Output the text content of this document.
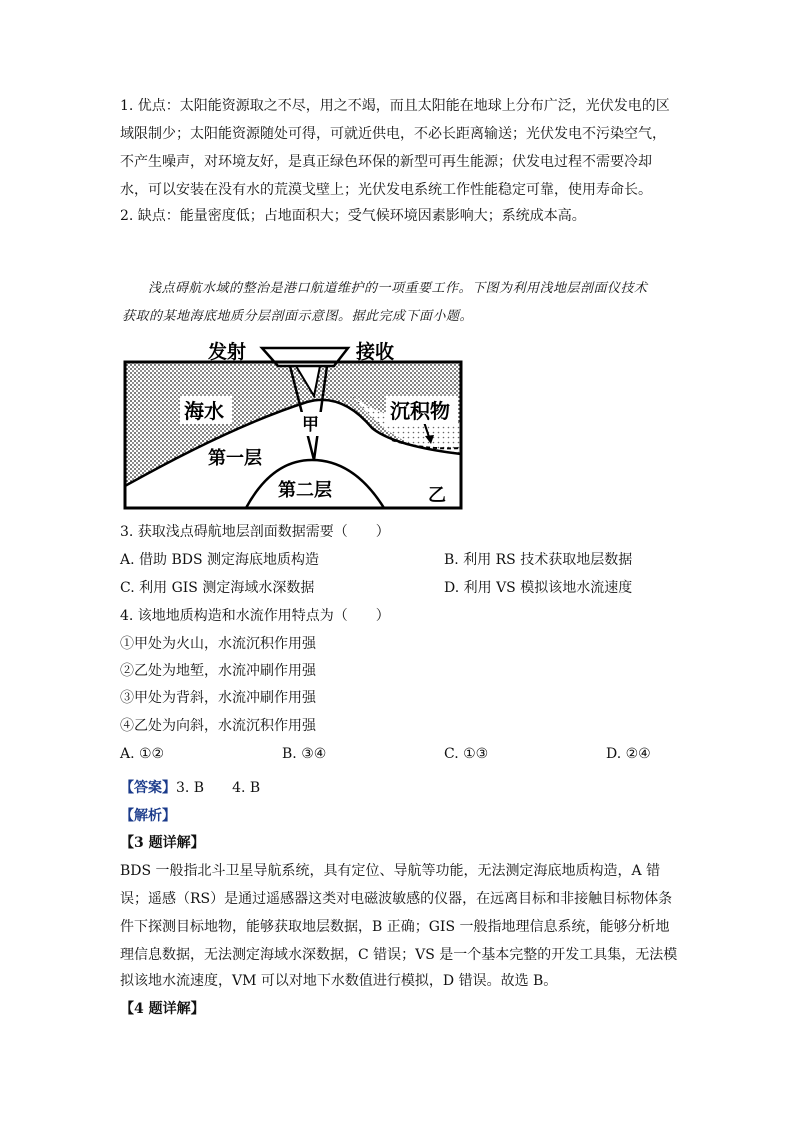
1. 优点：太阳能资源取之不尽，用之不竭，而且太阳能在地球上分布广泛，光伏发电的区
域限制少；太阳能资源随处可得，可就近供电，不必长距离输送；光伏发电不污染空气，
不产生噪声，对环境友好，是真正绿色环保的新型可再生能源；伏发电过程不需要冷却
水，可以安装在没有水的荒漠戈壁上；光伏发电系统工作性能稳定可靠，使用寿命长。
2. 缺点：能量密度低；占地面积大；受气候环境因素影响大；系统成本高。
浅点碍航水域的整治是港口航道维护的一项重要工作。下图为利用浅地层剖面仪技术
获取的某地海底地质分层剖面示意图。据此完成下面小题。
发射	接收
海水	沉积物
甲
第一层
第二层	乙
3. 获取浅点碍航地层剖面数据需要（　　）
A. 借助 BDS 测定海底地质构造	B. 利用 RS 技术获取地层数据
C. 利用 GIS 测定海域水深数据	D. 利用 VS 模拟该地水流速度
4. 该地地质构造和水流作用特点为（　　）
①甲处为火山，水流沉积作用强
②乙处为地堑，水流冲刷作用强
③甲处为背斜，水流冲刷作用强
④乙处为向斜，水流沉积作用强
A. ①②	B. ③④	C. ①③	D. ②④
【答案】3. B　　4. B
【解析】
【3 题详解】
BDS 一般指北斗卫星导航系统，具有定位、导航等功能，无法测定海底地质构造，A 错
误；遥感（RS）是通过遥感器这类对电磁波敏感的仪器，在远离目标和非接触目标物体条
件下探测目标地物，能够获取地层数据，B 正确；GIS 一般指地理信息系统，能够分析地
理信息数据，无法测定海域水深数据，C 错误；VS 是一个基本完整的开发工具集，无法模
拟该地水流速度，VM 可以对地下水数值进行模拟，D 错误。故选 B。
【4 题详解】
